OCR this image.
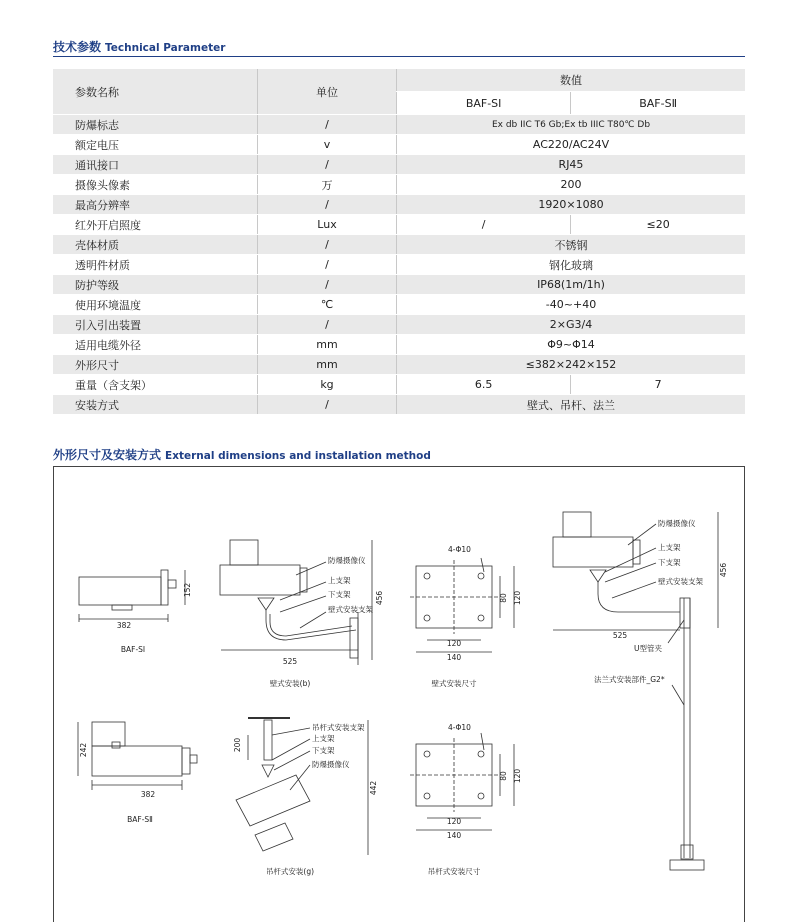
技术参数 Technical Parameter
参数名称	单位	数值	
		BAF-SⅠ	BAF-SⅡ
防爆标志	/	Ex db IIC T6 Gb;Ex tb IIIC T80℃ Db	
额定电压	v	AC220/AC24V	
通讯接口	/	RJ45	
摄像头像素	万	200	
最高分辨率	/	1920×1080	
红外开启照度	Lux	/	≤20
壳体材质	/	不锈钢	
透明件材质	/	钢化玻璃	
防护等级	/	IP68(1m/1h)	
使用环境温度	℃	-40~+40	
引入引出装置	/	2×G3/4	
适用电缆外径	mm	Φ9~Φ14	
外形尺寸	mm	≤382×242×152	
重量（含支架）	kg	6.5	7
安装方式	/	壁式、吊杆、法兰	
外形尺寸及安装方式 External dimensions and installation method
382
152
BAF-SⅠ
382
242
BAF-SⅡ
525
456
防爆摄像仪
上支架
下支架
壁式安装支架
壁式安装(b)
4-Φ10
120
140
80 120
壁式安装尺寸
200
442
吊杆式安装支架
上支架
下支架
防爆摄像仪
吊杆式安装(g)
4-Φ10
120
140
80 120
吊杆式安装尺寸
525
456
防爆摄像仪
上支架
下支架
壁式安装支架
U型管夹
法兰式安装部件_G2*
